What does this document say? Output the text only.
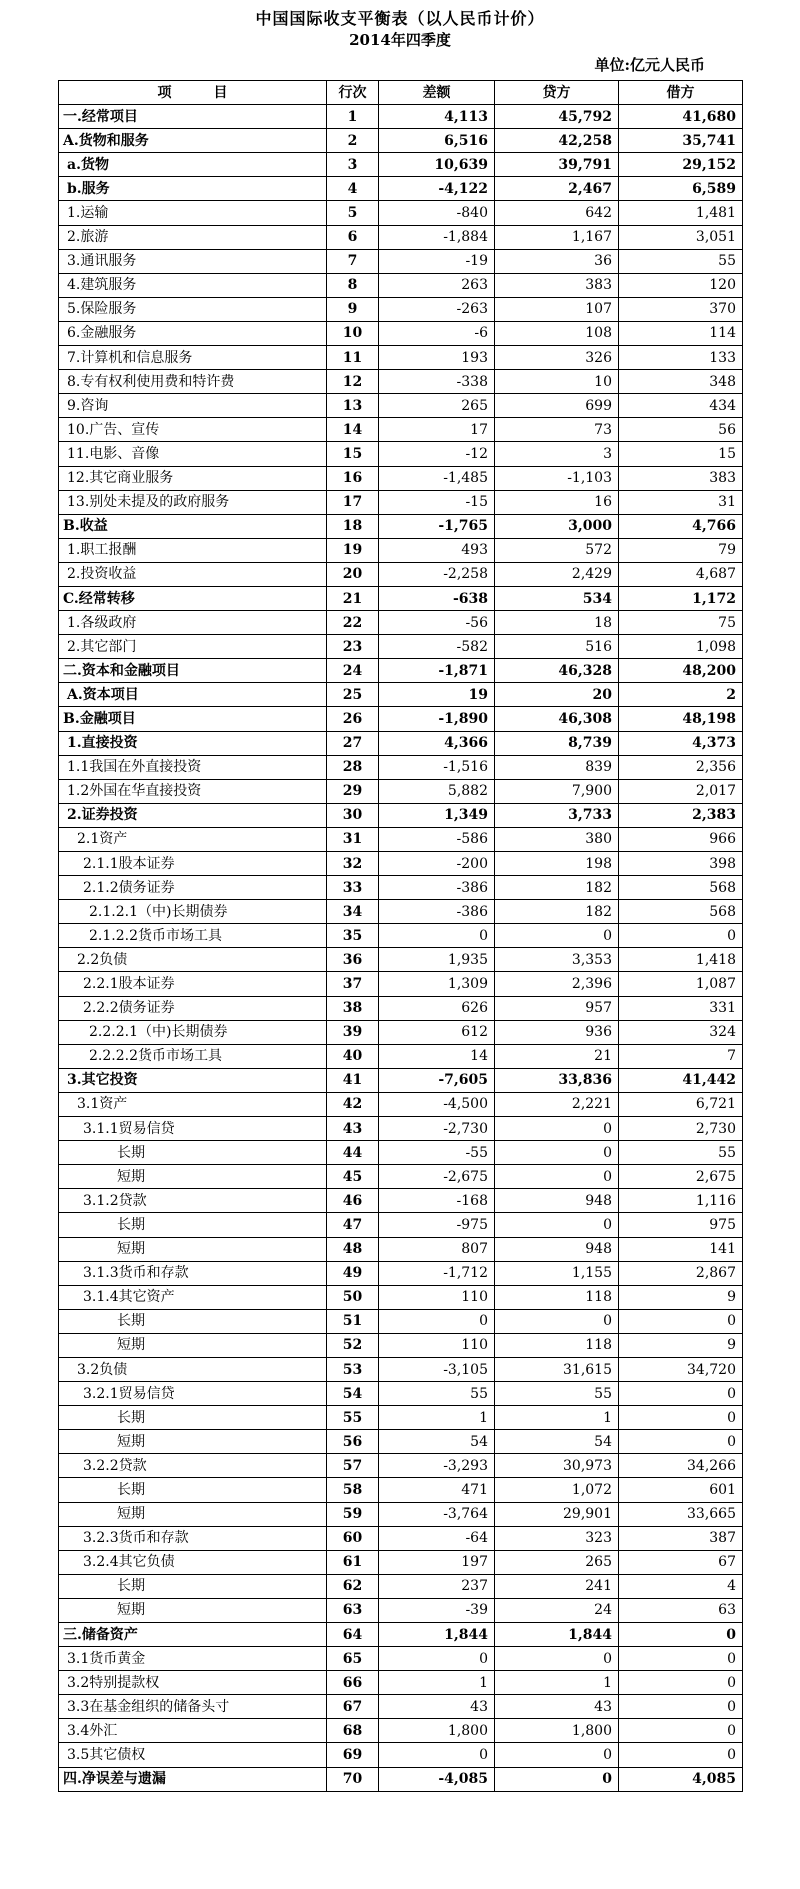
中国国际收支平衡表（以人民币计价）
2014年四季度
单位:亿元人民币
项　　　目	行次	差额	贷方	借方
一.经常项目	1	4,113	45,792	41,680
A.货物和服务	2	6,516	42,258	35,741
a.货物	3	10,639	39,791	29,152
b.服务	4	-4,122	2,467	6,589
1.运输	5	-840	642	1,481
2.旅游	6	-1,884	1,167	3,051
3.通讯服务	7	-19	36	55
4.建筑服务	8	263	383	120
5.保险服务	9	-263	107	370
6.金融服务	10	-6	108	114
7.计算机和信息服务	11	193	326	133
8.专有权利使用费和特许费	12	-338	10	348
9.咨询	13	265	699	434
10.广告、宣传	14	17	73	56
11.电影、音像	15	-12	3	15
12.其它商业服务	16	-1,485	-1,103	383
13.别处未提及的政府服务	17	-15	16	31
B.收益	18	-1,765	3,000	4,766
1.职工报酬	19	493	572	79
2.投资收益	20	-2,258	2,429	4,687
C.经常转移	21	-638	534	1,172
1.各级政府	22	-56	18	75
2.其它部门	23	-582	516	1,098
二.资本和金融项目	24	-1,871	46,328	48,200
A.资本项目	25	19	20	2
B.金融项目	26	-1,890	46,308	48,198
1.直接投资	27	4,366	8,739	4,373
1.1我国在外直接投资	28	-1,516	839	2,356
1.2外国在华直接投资	29	5,882	7,900	2,017
2.证券投资	30	1,349	3,733	2,383
2.1资产	31	-586	380	966
2.1.1股本证券	32	-200	198	398
2.1.2债务证券	33	-386	182	568
2.1.2.1（中)长期债券	34	-386	182	568
2.1.2.2货币市场工具	35	0	0	0
2.2负债	36	1,935	3,353	1,418
2.2.1股本证券	37	1,309	2,396	1,087
2.2.2债务证券	38	626	957	331
2.2.2.1（中)长期债券	39	612	936	324
2.2.2.2货币市场工具	40	14	21	7
3.其它投资	41	-7,605	33,836	41,442
3.1资产	42	-4,500	2,221	6,721
3.1.1贸易信贷	43	-2,730	0	2,730
长期	44	-55	0	55
短期	45	-2,675	0	2,675
3.1.2贷款	46	-168	948	1,116
长期	47	-975	0	975
短期	48	807	948	141
3.1.3货币和存款	49	-1,712	1,155	2,867
3.1.4其它资产	50	110	118	9
长期	51	0	0	0
短期	52	110	118	9
3.2负债	53	-3,105	31,615	34,720
3.2.1贸易信贷	54	55	55	0
长期	55	1	1	0
短期	56	54	54	0
3.2.2贷款	57	-3,293	30,973	34,266
长期	58	471	1,072	601
短期	59	-3,764	29,901	33,665
3.2.3货币和存款	60	-64	323	387
3.2.4其它负债	61	197	265	67
长期	62	237	241	4
短期	63	-39	24	63
三.储备资产	64	1,844	1,844	0
3.1货币黄金	65	0	0	0
3.2特别提款权	66	1	1	0
3.3在基金组织的储备头寸	67	43	43	0
3.4外汇	68	1,800	1,800	0
3.5其它债权	69	0	0	0
四.净误差与遗漏	70	-4,085	0	4,085
